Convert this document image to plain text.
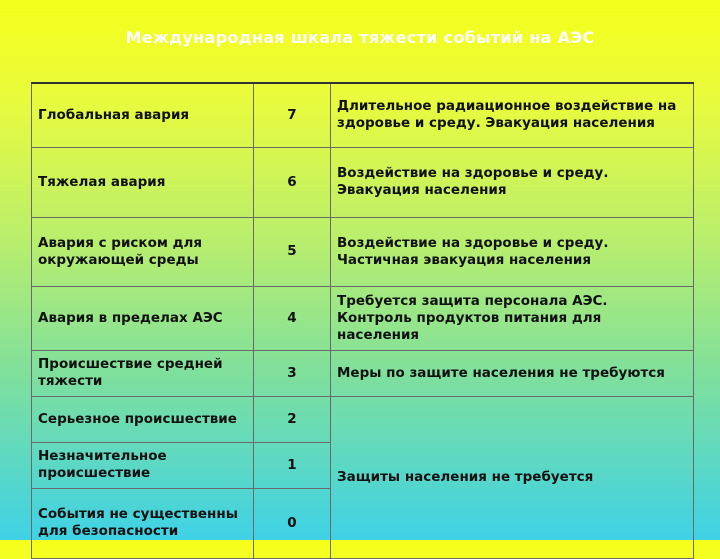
Международная шкала тяжести событий на АЭС
Глобальная авария	7	Длительное радиационное воздействие на здоровье и среду. Эвакуация населения
Тяжелая авария	6	Воздействие на здоровье и среду. Эвакуация населения
Авария с риском для окружающей среды	5	Воздействие на здоровье и среду. Частичная эвакуация населения
Авария в пределах АЭС	4	Требуется защита персонала АЭС. Контроль продуктов питания для населения
Происшествие средней тяжести	3	Меры по защите населения не требуются
Серьезное происшествие	2	Защиты населения не требуется
Незначительное происшествие	1	
События не существенны для безопасности	0	
